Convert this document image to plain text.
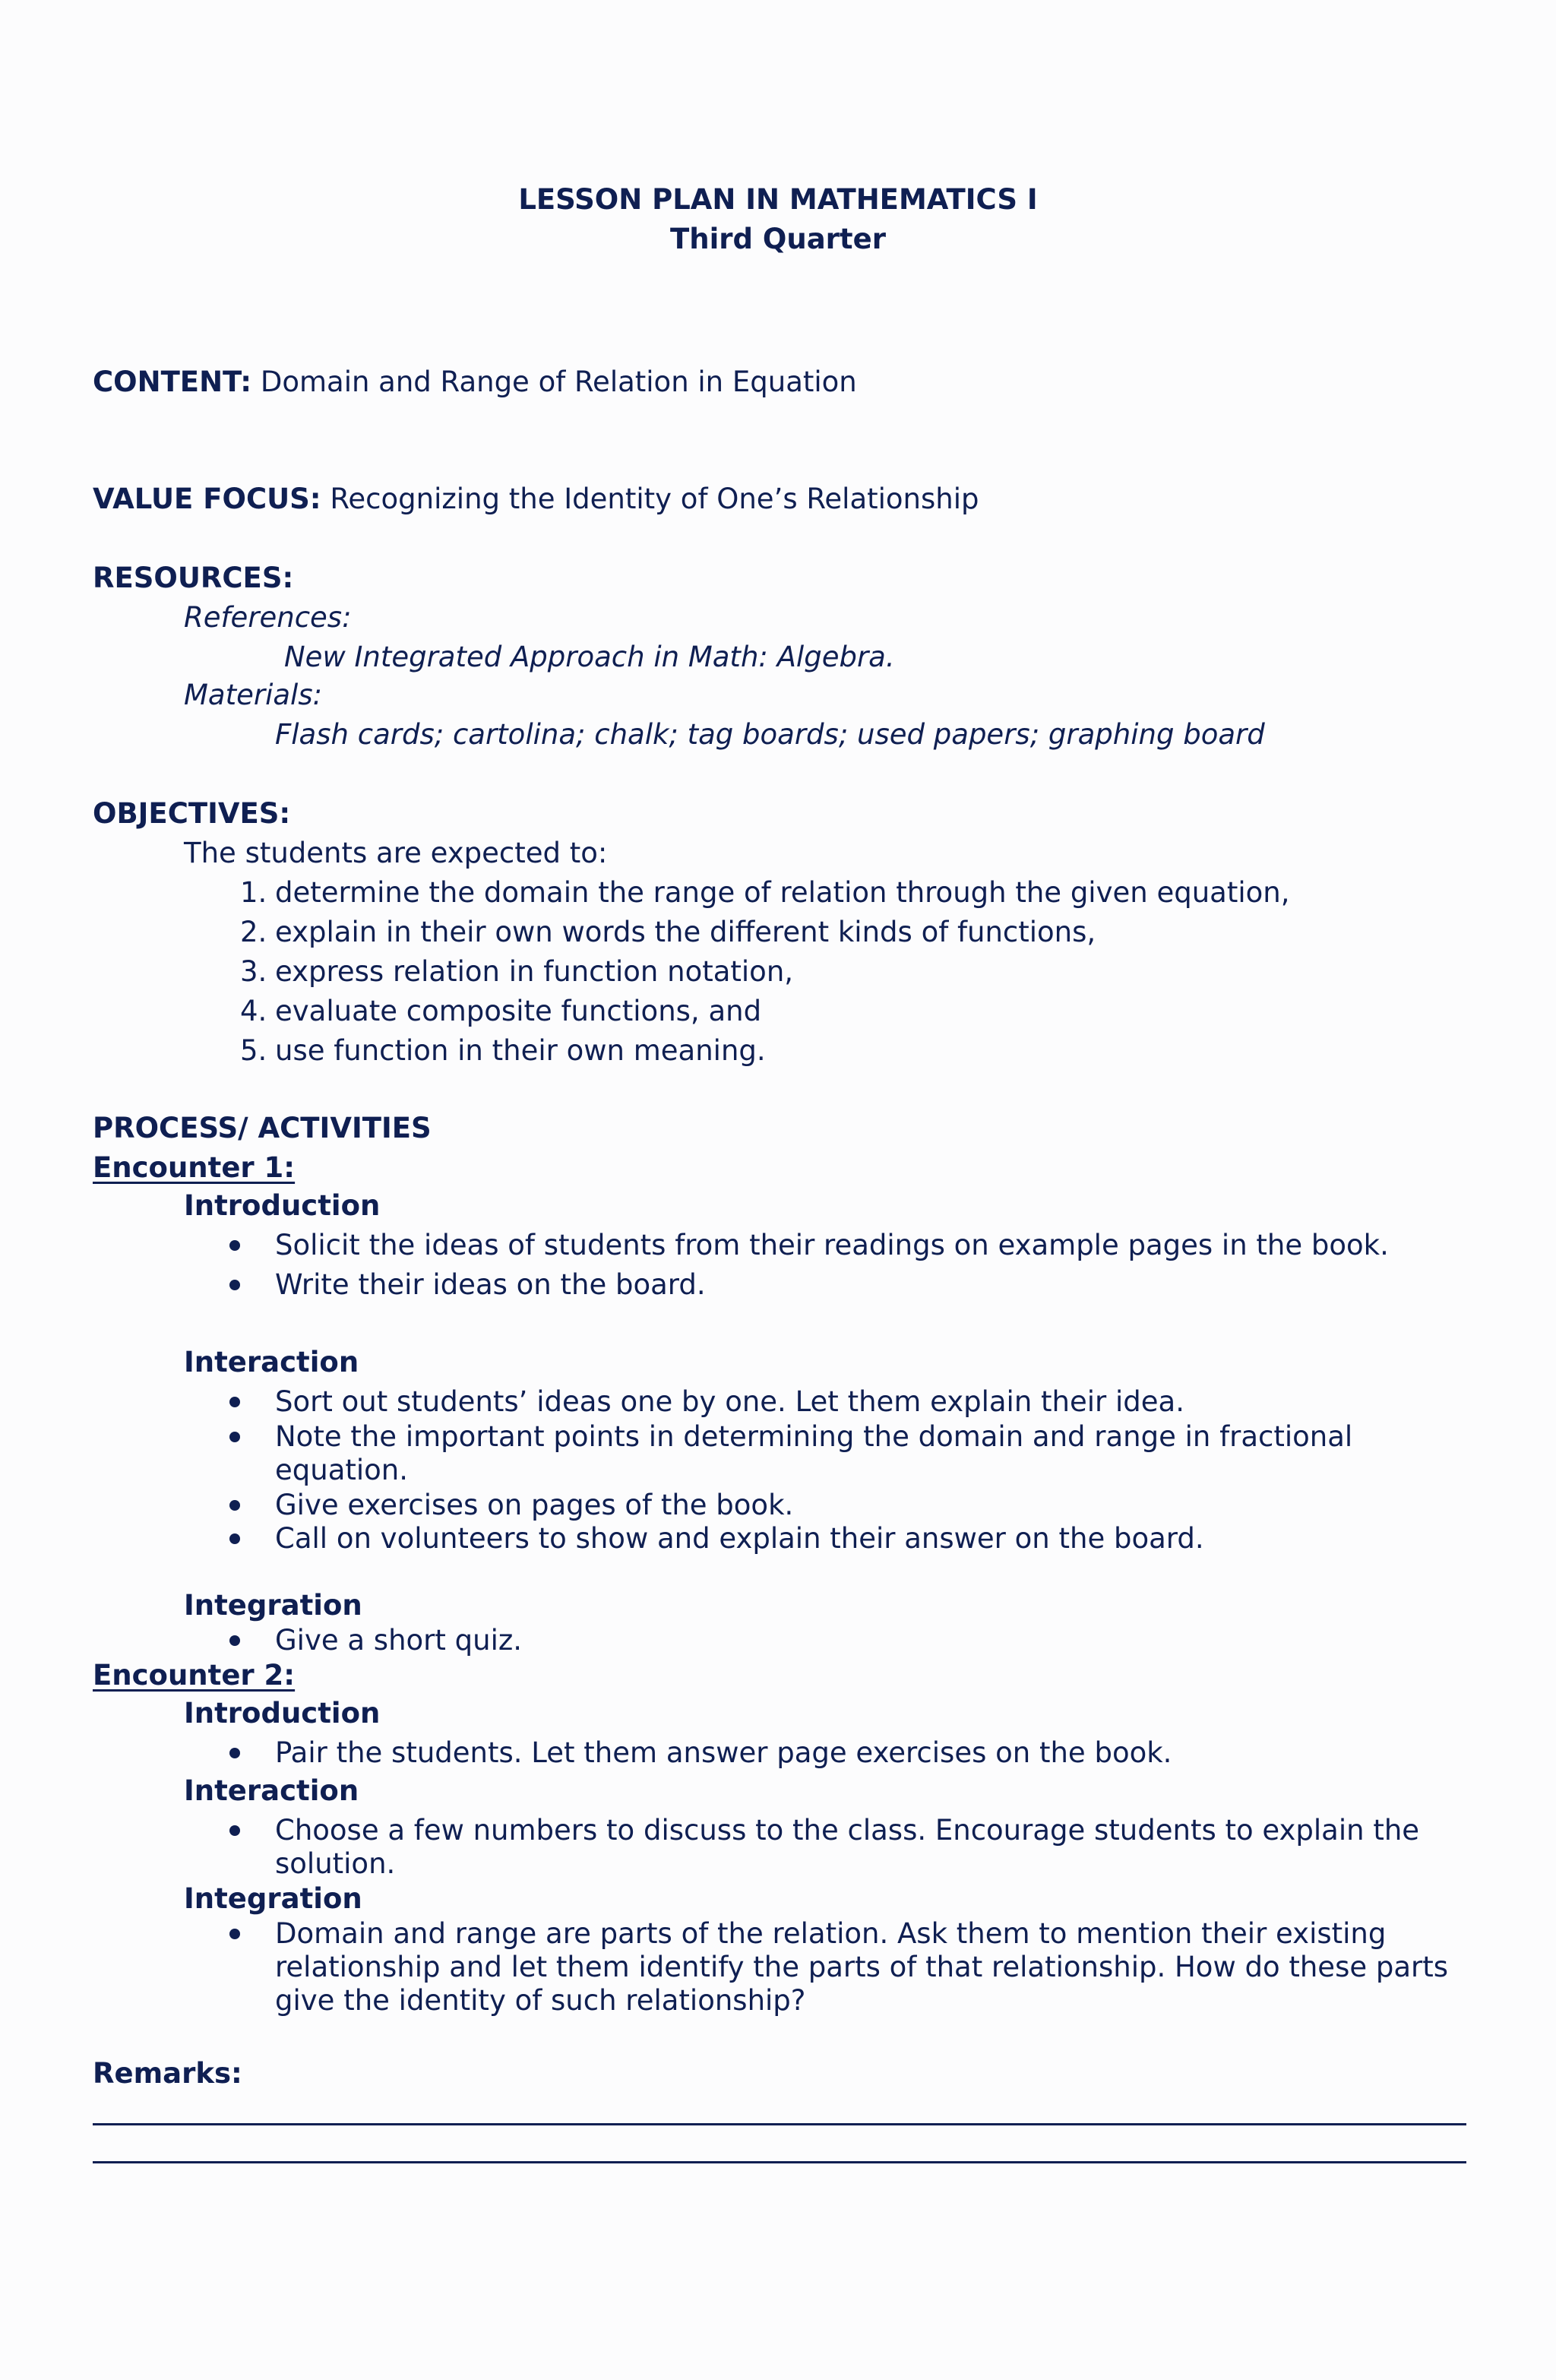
LESSON PLAN IN MATHEMATICS I
Third Quarter
CONTENT: Domain and Range of Relation in Equation
VALUE FOCUS: Recognizing the Identity of One’s Relationship
RESOURCES:
References:
New Integrated Approach in Math: Algebra.
Materials:
Flash cards; cartolina; chalk; tag boards; used papers; graphing board
OBJECTIVES:
The students are expected to:
1. determine the domain the range of relation through the given equation,
2. explain in their own words the different kinds of functions,
3. express relation in function notation,
4. evaluate composite functions, and
5. use function in their own meaning.
PROCESS/ ACTIVITIES
Encounter 1:
Introduction
Solicit the ideas of students from their readings on example pages in the book.
Write their ideas on the board.
Interaction
Sort out students’ ideas one by one. Let them explain their idea.
Note the important points in determining the domain and range in fractional
equation.
Give exercises on pages of the book.
Call on volunteers to show and explain their answer on the board.
Integration
Give a short quiz.
Encounter 2:
Introduction
Pair the students. Let them answer page exercises on the book.
Interaction
Choose a few numbers to discuss to the class. Encourage students to explain the
solution.
Integration
Domain and range are parts of the relation. Ask them to mention their existing
relationship and let them identify the parts of that relationship. How do these parts
give the identity of such relationship?
Remarks:
